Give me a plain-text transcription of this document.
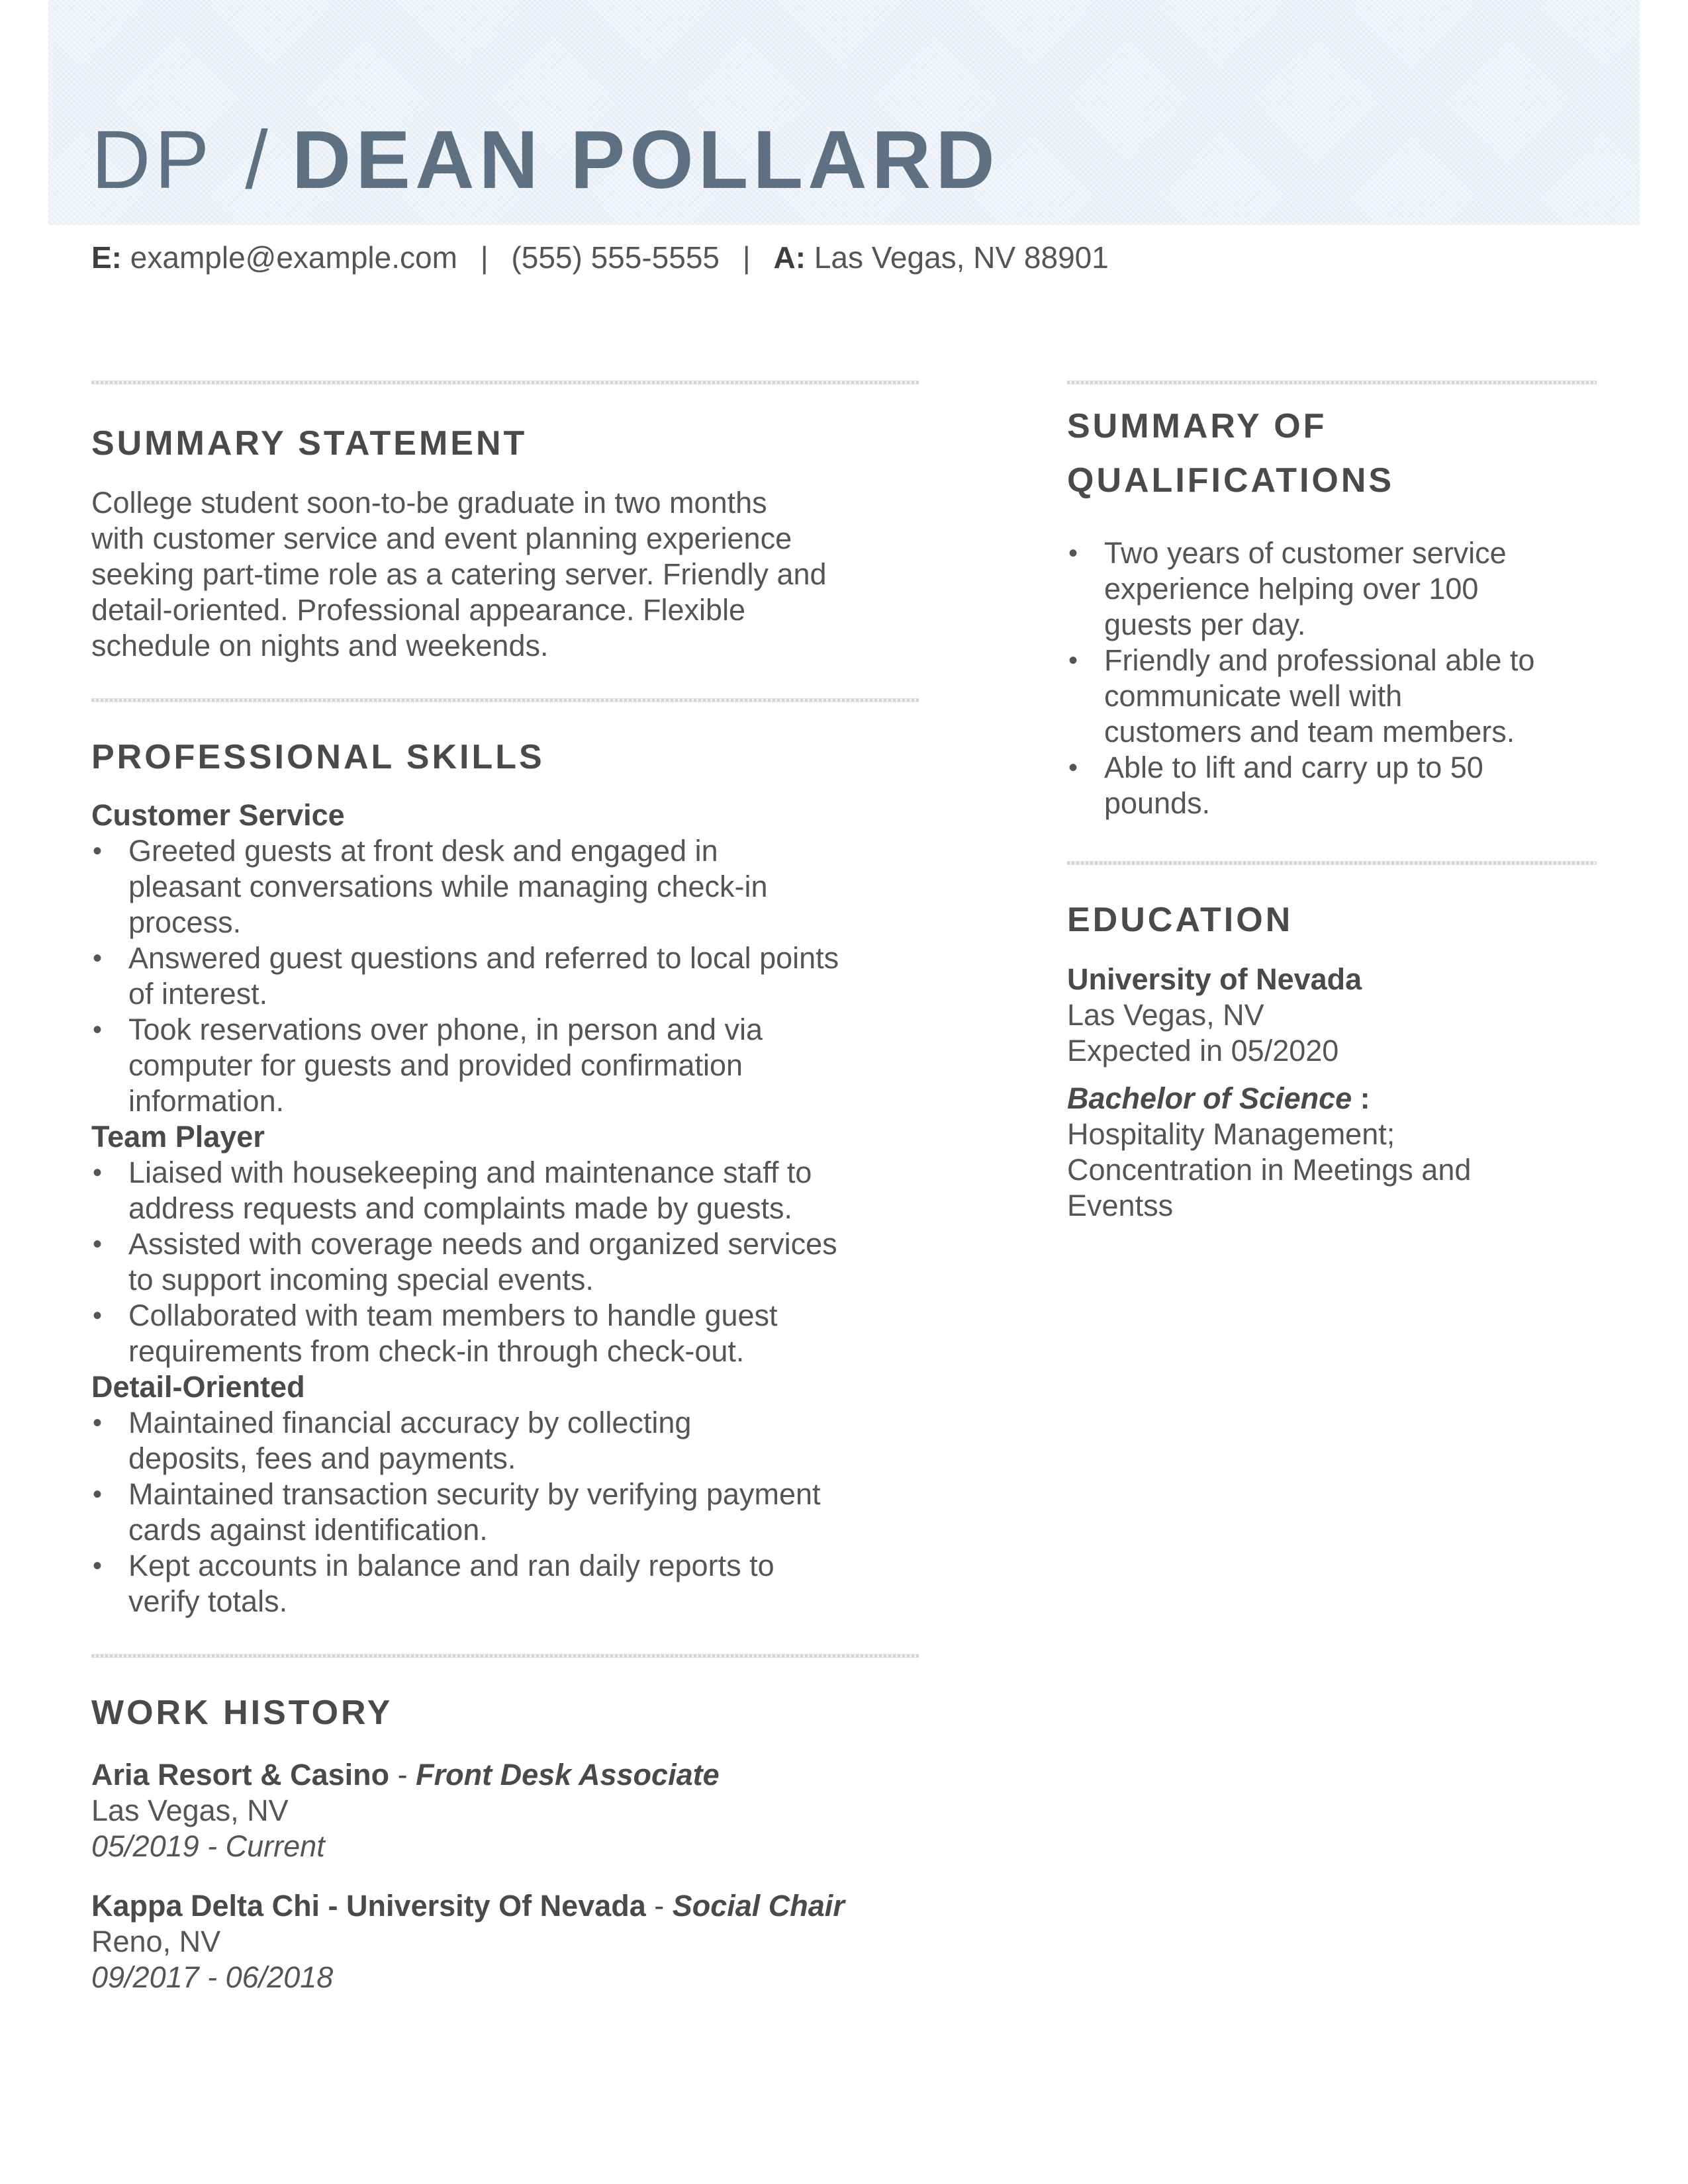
DP / DEAN POLLARD
E: example@example.com | (555) 555-5555 | A: Las Vegas, NV 88901
SUMMARY STATEMENT

College student soon-to-be graduate in two months

with customer service and event planning experience

seeking part-time role as a catering server. Friendly and

detail-oriented. Professional appearance. Flexible

schedule on nights and weekends.

PROFESSIONAL SKILLS

Customer Service

• Greeted guests at front desk and engaged in
pleasant conversations while managing check-in
process.
• Answered guest questions and referred to local points
of interest.
• Took reservations over phone, in person and via
computer for guests and provided confirmation
information.

Team Player

• Liaised with housekeeping and maintenance staff to
address requests and complaints made by guests.
• Assisted with coverage needs and organized services
to support incoming special events.
• Collaborated with team members to handle guest
requirements from check-in through check-out.

Detail-Oriented

• Maintained financial accuracy by collecting
deposits, fees and payments.
• Maintained transaction security by verifying payment
cards against identification.
• Kept accounts in balance and ran daily reports to
verify totals.
WORK HISTORY

Aria Resort & Casino - Front Desk Associate

Las Vegas, NV

05/2019 - Current

Kappa Delta Chi - University Of Nevada - Social Chair

Reno, NV

09/2017 - 06/2018

SUMMARY OF
QUALIFICATIONS
• Two years of customer service
experience helping over 100
guests per day.
• Friendly and professional able to
communicate well with
customers and team members.
• Able to lift and carry up to 50
pounds.
EDUCATION

University of Nevada

Las Vegas, NV

Expected in 05/2020

Bachelor of Science :

Hospitality Management;

Concentration in Meetings and

Eventss
